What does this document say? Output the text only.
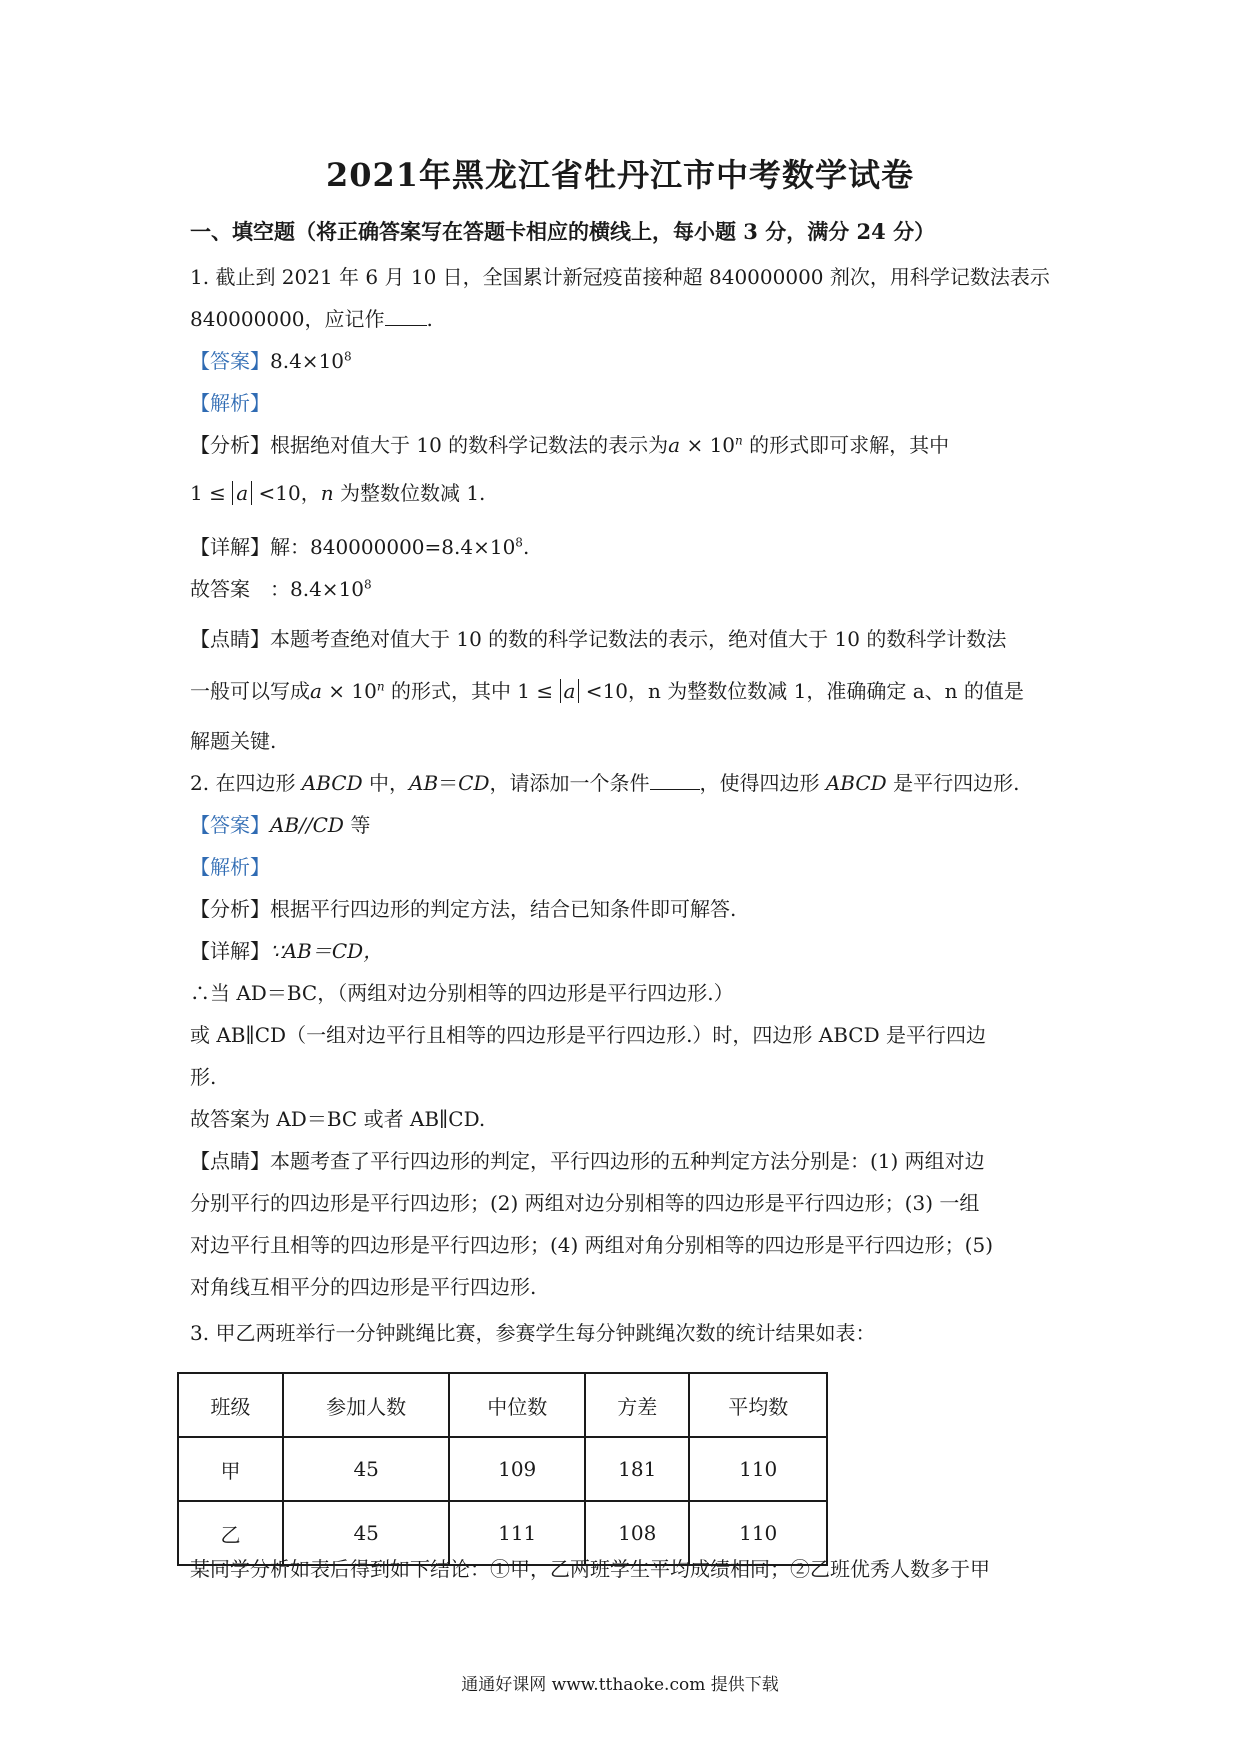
2021年黑龙江省牡丹江市中考数学试卷
一、填空题（将正确答案写在答题卡相应的横线上，每小题 3 分，满分 24 分）
1. 截止到 2021 年 6 月 10 日，全国累计新冠疫苗接种超 840000000 剂次，用科学记数法表示
840000000，应记作 .
【答案】$8.4\times 10^8$
【解析】
【分析】根据绝对值大于 10 的数科学记数法的表示为$a \times 10^n$ 的形式即可求解，其中
1 ≤ a <10，n 为整数位数减 1.
【详解】解：$840000000=8.4\times 10^8$.
故答案　：$8.4\times 10^8$
【点睛】本题考查绝对值大于 10 的数的科学记数法的表示，绝对值大于 10 的数科学计数法
一般可以写成$a \times 10^n$ 的形式，其中 1 ≤ a <10，n 为整数位数减 1，准确确定 a、n 的值是
解题关键.
2. 在四边形 ABCD 中，AB＝CD，请添加一个条件	，使得四边形 ABCD 是平行四边形.
【答案】AB//CD 等
【解析】
【分析】根据平行四边形的判定方法，结合已知条件即可解答.
【详解】∵AB＝CD，
∴当 AD＝BC，（两组对边分别相等的四边形是平行四边形.）
或 AB∥CD（一组对边平行且相等的四边形是平行四边形.）时，四边形 ABCD 是平行四边
形.
故答案为 AD＝BC 或者 AB∥CD.
【点睛】本题考查了平行四边形的判定，平行四边形的五种判定方法分别是：(1) 两组对边
分别平行的四边形是平行四边形；(2) 两组对边分别相等的四边形是平行四边形；(3) 一组
对边平行且相等的四边形是平行四边形；(4) 两组对角分别相等的四边形是平行四边形；(5)
对角线互相平分的四边形是平行四边形.
3. 甲乙两班举行一分钟跳绳比赛，参赛学生每分钟跳绳次数的统计结果如表：
班级	参加人数	中位数	方差	平均数
甲	45	109	181	110
乙	45	111	108	110
某同学分析如表后得到如下结论：①甲，乙两班学生平均成绩相同；②乙班优秀人数多于甲
通通好课网 www.tthaoke.com 提供下载
